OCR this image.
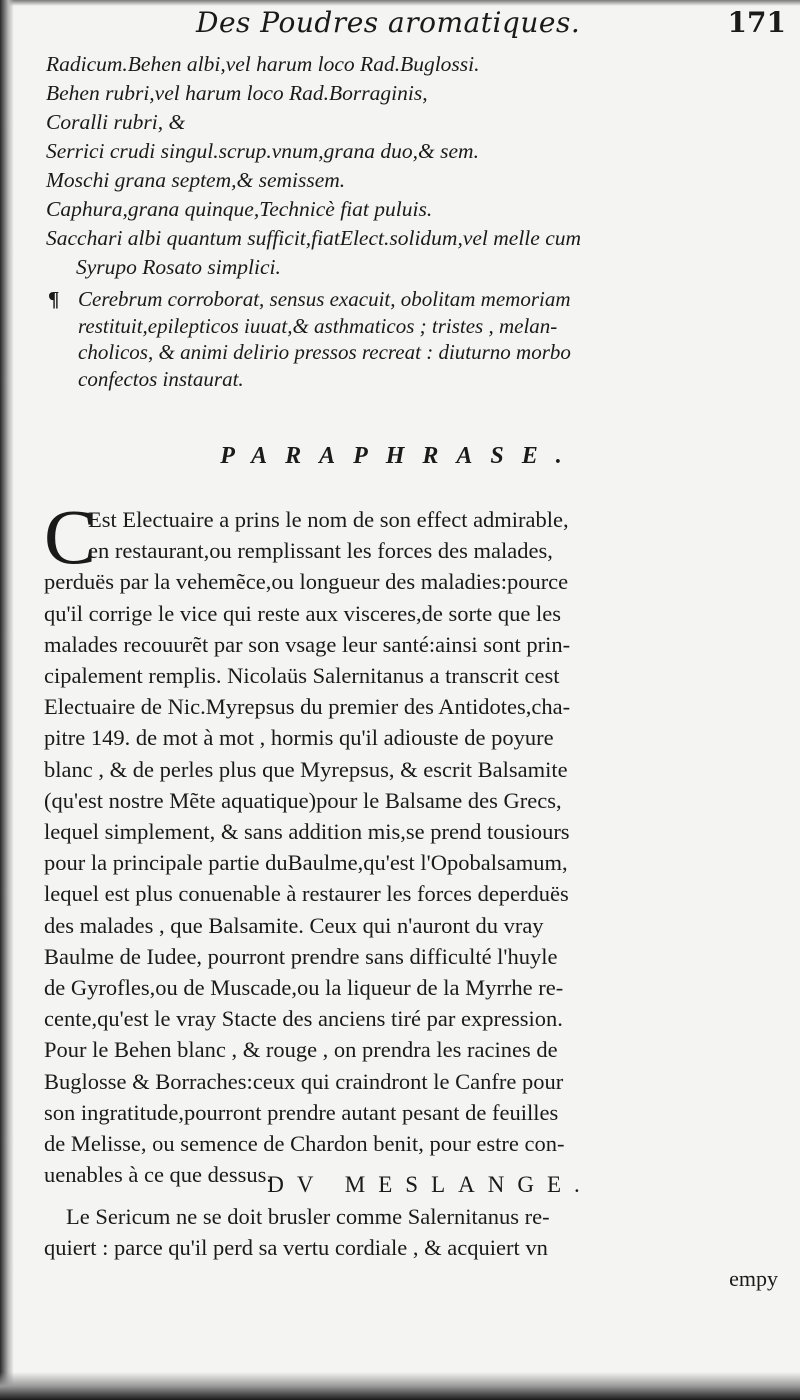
Des Poudres aromatiques.	171
Radicum.Behen albi,vel harum loco Rad.Buglossi.
Behen rubri,vel harum loco Rad.Borraginis,
Coralli rubri, &
Serrici crudi singul.scrup.vnum,grana duo,& sem.
Moschi grana septem,& semissem.
Caphura,grana quinque,Technicè fiat puluis.
Sacchari albi quantum sufficit,fiatElect.solidum,vel melle cum
Syrupo Rosato simplici.
¶ Cerebrum corroborat, sensus exacuit, obolitam memoriam
restituit,epilepticos iuuat,& asthmaticos ; tristes , melan-
cholicos, & animi delirio pressos recreat : diuturno morbo
confectos instaurat.
PARAPHRASE.
C
Est Electuaire a prins le nom de son effect admirable,
en restaurant,ou remplissant les forces des malades,
perduës par la vehemẽce,ou longueur des maladies:pource
qu'il corrige le vice qui reste aux visceres,de sorte que les
malades recouurẽt par son vsage leur santé:ainsi sont prin-
cipalement remplis. Nicolaüs Salernitanus a transcrit cest
Electuaire de Nic.Myrepsus du premier des Antidotes,cha-
pitre 149. de mot à mot , hormis qu'il adiouste de poyure
blanc , & de perles plus que Myrepsus, & escrit Balsamite
(qu'est nostre Mẽte aquatique)pour le Balsame des Grecs,
lequel simplement, & sans addition mis,se prend tousiours
pour la principale partie duBaulme,qu'est l'Opobalsamum,
lequel est plus conuenable à restaurer les forces deperduës
des malades , que Balsamite. Ceux qui n'auront du vray
Baulme de Iudee, pourront prendre sans difficulté l'huyle
de Gyrofles,ou de Muscade,ou la liqueur de la Myrrhe re-
cente,qu'est le vray Stacte des anciens tiré par expression.
Pour le Behen blanc , & rouge , on prendra les racines de
Buglosse & Borraches:ceux qui craindront le Canfre pour
son ingratitude,pourront prendre autant pesant de feuilles
de Melisse, ou semence de Chardon benit, pour estre con-
uenables à ce que dessus.
DV MESLANGE.
Le Sericum ne se doit brusler comme Salernitanus re-
quiert : parce qu'il perd sa vertu cordiale , & acquiert vn
empy
